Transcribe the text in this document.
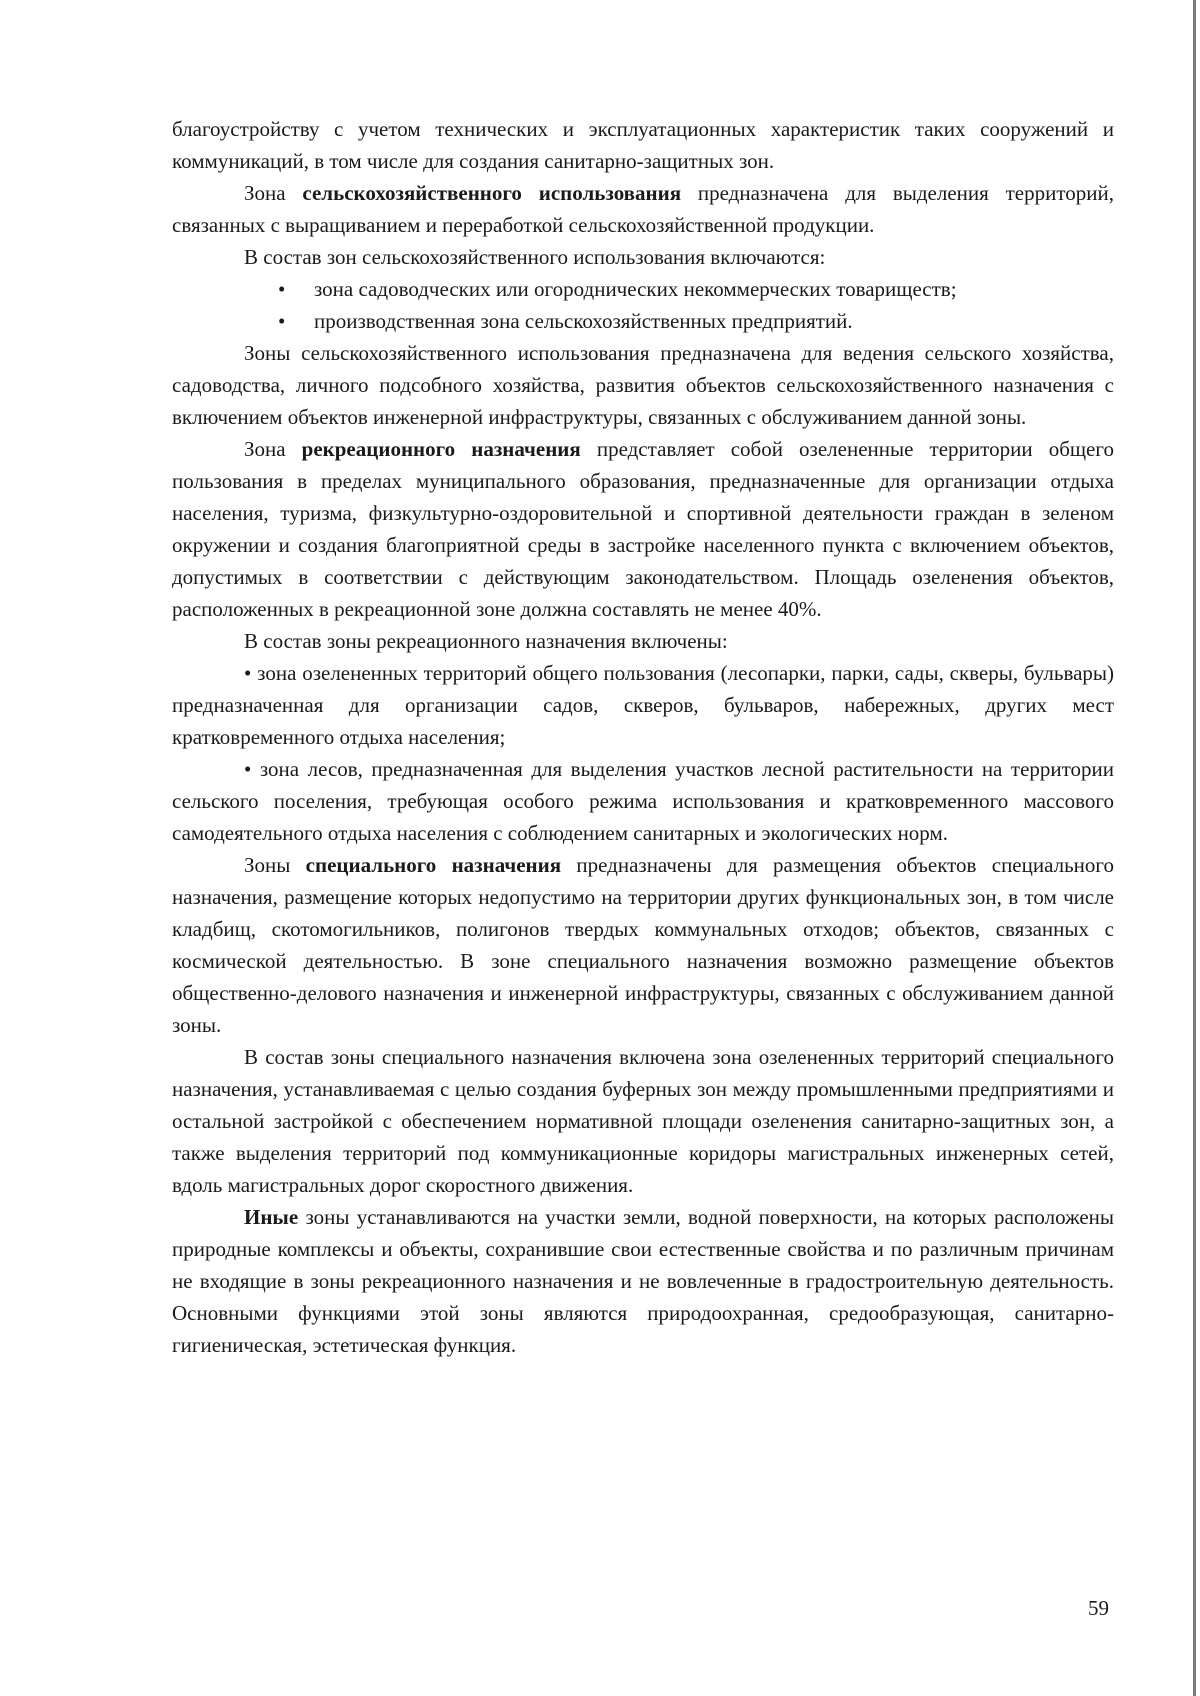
благоустройству с учетом технических и эксплуатационных характеристик таких сооружений и коммуникаций, в том числе для создания санитарно-защитных зон.

Зона сельскохозяйственного использования предназначена для выделения территорий, связанных с выращиванием и переработкой сельскохозяйственной продукции.

В состав зон сельскохозяйственного использования включаются:

• зона садоводческих или огороднических некоммерческих товариществ;
• производственная зона сельскохозяйственных предприятий.

Зоны сельскохозяйственного использования предназначена для ведения сельского хозяйства, садоводства, личного подсобного хозяйства, развития объектов сельскохозяйственного назначения с включением объектов инженерной инфраструктуры, связанных с обслуживанием данной зоны.

Зона рекреационного назначения представляет собой озелененные территории общего пользования в пределах муниципального образования, предназначенные для организации отдыха населения, туризма, физкультурно-оздоровительной и спортивной деятельности граждан в зеленом окружении и создания благоприятной среды в застройке населенного пункта с включением объектов, допустимых в соответствии с действующим законодательством. Площадь озеленения объектов, расположенных в рекреационной зоне должна составлять не менее 40%.

В состав зоны рекреационного назначения включены:

• зона озелененных территорий общего пользования (лесопарки, парки, сады, скверы, бульвары) предназначенная для организации садов, скверов, бульваров, набережных, других мест кратковременного отдыха населения;

• зона лесов, предназначенная для выделения участков лесной растительности на территории сельского поселения, требующая особого режима использования и кратковременного массового самодеятельного отдыха населения с соблюдением санитарных и экологических норм.

Зоны специального назначения предназначены для размещения объектов специального назначения, размещение которых недопустимо на территории других функциональных зон, в том числе кладбищ, скотомогильников, полигонов твердых коммунальных отходов; объектов, связанных с космической деятельностью. В зоне специального назначения возможно размещение объектов общественно-делового назначения и инженерной инфраструктуры, связанных с обслуживанием данной зоны.

В состав зоны специального назначения включена зона озелененных территорий специального назначения, устанавливаемая с целью создания буферных зон между промышленными предприятиями и остальной застройкой с обеспечением нормативной площади озеленения санитарно-защитных зон, а также выделения территорий под коммуникационные коридоры магистральных инженерных сетей, вдоль магистральных дорог скоростного движения.

Иные зоны устанавливаются на участки земли, водной поверхности, на которых расположены природные комплексы и объекты, сохранившие свои естественные свойства и по различным причинам не входящие в зоны рекреационного назначения и не вовлеченные в градостроительную деятельность. Основными функциями этой зоны являются природоохранная, средообразующая, санитарно-гигиеническая, эстетическая функция.

59
